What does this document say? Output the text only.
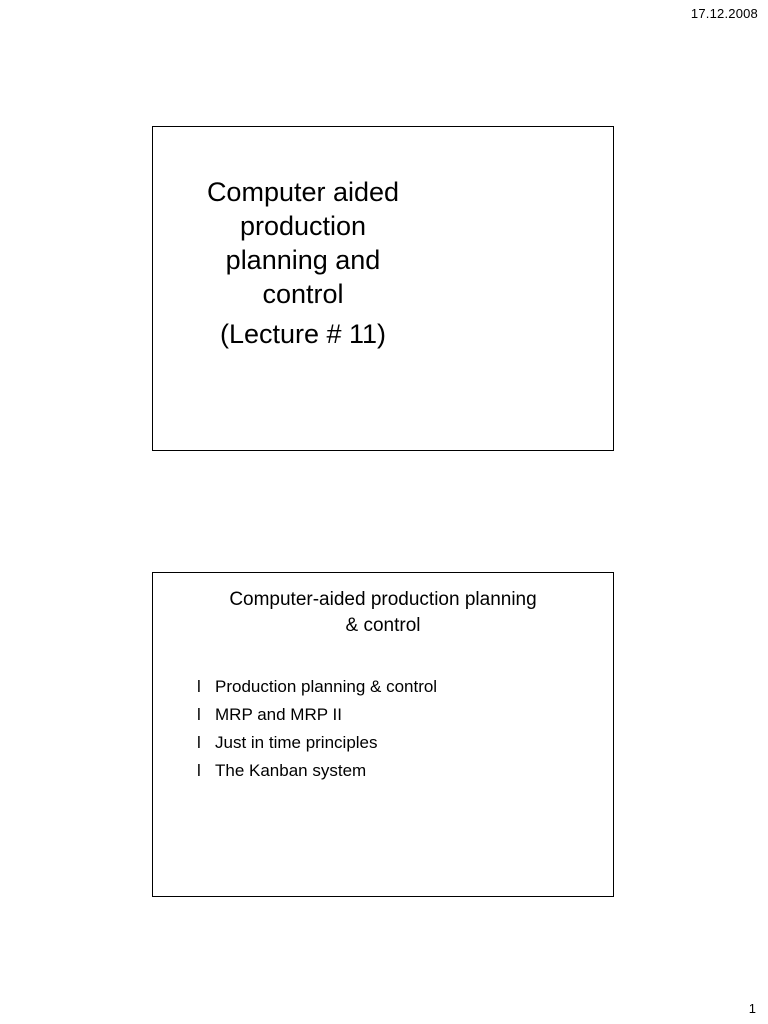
17.12.2008
Computer aided
production
planning and
control
(Lecture # 11)
Computer-aided production planning
& control
l Production planning & control
l MRP and MRP II
l Just in time principles
l The Kanban system
1
